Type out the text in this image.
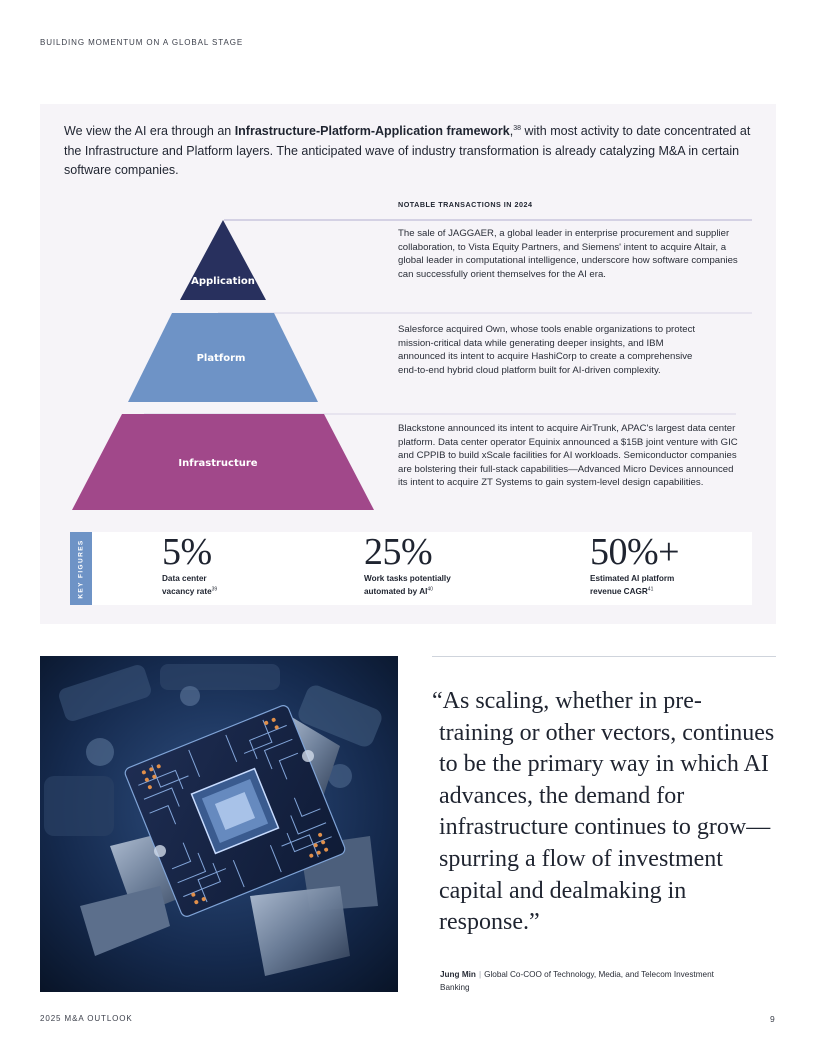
BUILDING MOMENTUM ON A GLOBAL STAGE

We view the AI era through an Infrastructure-Platform-Application framework,$^{38}$ with most activity to date concentrated at the Infrastructure and Platform layers. The anticipated wave of industry transformation is already catalyzing M&A in certain software companies.

Application
Platform
Infrastructure
NOTABLE TRANSACTIONS IN 2024

The sale of JAGGAER, a global leader in enterprise procurement and supplier collaboration, to Vista Equity Partners, and Siemens' intent to acquire Altair, a global leader in computational intelligence, underscore how software companies can successfully orient themselves for the AI era.

Salesforce acquired Own, whose tools enable organizations to protect mission-critical data while generating deeper insights, and IBM announced its intent to acquire HashiCorp to create a comprehensive end-to-end hybrid cloud platform built for AI-driven complexity.

Blackstone announced its intent to acquire AirTrunk, APAC's largest data center platform. Data center operator Equinix announced a $15B joint venture with GIC and CPPIB to build xScale facilities for AI workloads. Semiconductor companies are bolstering their full-stack capabilities—Advanced Micro Devices announced its intent to acquire ZT Systems to gain system-level design capabilities.

KEY FIGURES 5%
Data center
vacancy rate$^{39}$
25%
Work tasks potentially
automated by AI$^{40}$
50%+
Estimated AI platform
revenue CAGR$^{41}$

“As scaling, whether in pre-training or other vectors, continues to be the primary way in which AI advances, the demand for infrastructure continues to grow—spurring a flow of investment capital and dealmaking in response.”

Jung Min | Global Co-COO of Technology, Media, and Telecom Investment Banking

2025 M&A OUTLOOK	9
